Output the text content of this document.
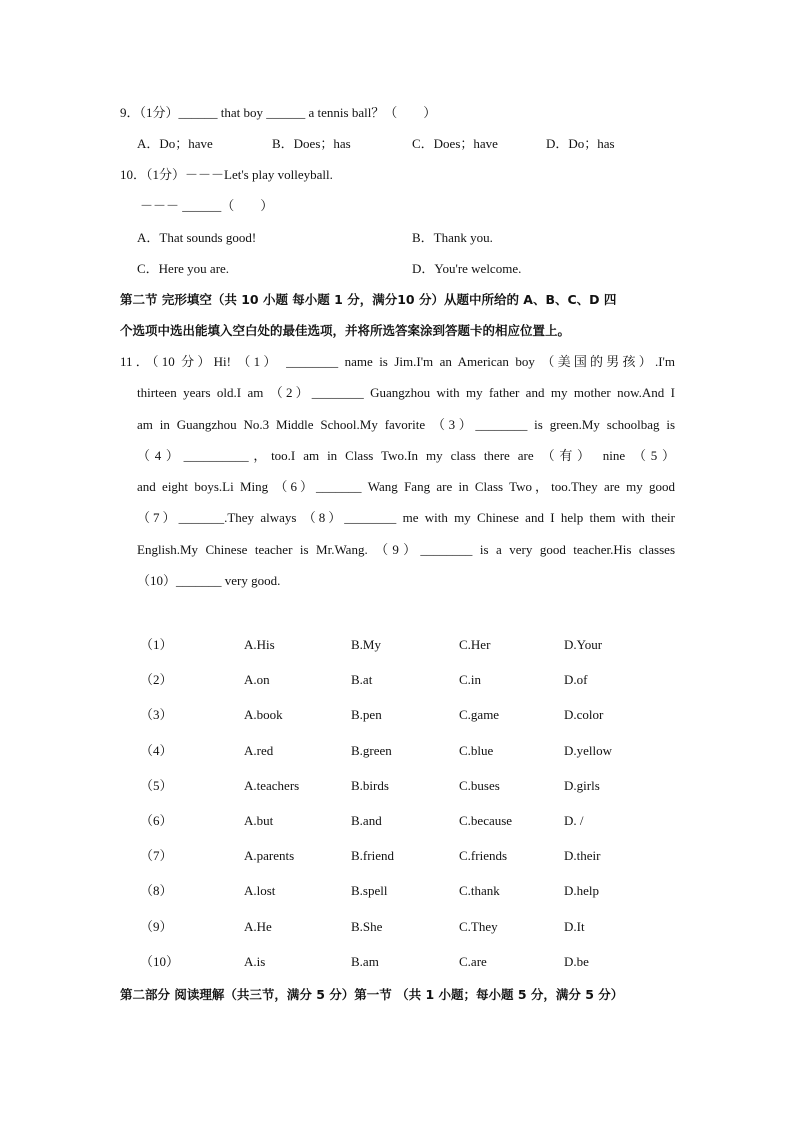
9．（1分）______ that boy ______ a tennis ball？（　　）
A．Do；have	B．Does；has	C．Does；have	D．Do；has
10．（1分）－－－Let's play volleyball.
－－－ ______（　　）
A．That sounds good!	B．Thank you.
C．Here you are.	D．You're welcome.
第二节 完形填空（共 10 小题 每小题 1 分，满分10 分）从题中所给的 A、B、C、D 四
个选项中选出能填入空白处的最佳选项，并将所选答案涂到答题卡的相应位置上。
11．（10 分）Hi! （1） ________ name is Jim.I'm an American boy （美国的男孩）.I'm
thirteen years old.I am （2）________ Guangzhou with my father and my mother now.And I
am in Guangzhou No.3 Middle School.My favorite （3）________ is green.My schoolbag is
（4）__________，too.I am in Class Two.In my class there are （有） nine （5）
and eight boys.Li Ming （6）_______ Wang Fang are in Class Two，too.They are my good
（7）_______.They always （8）________ me with my Chinese and I help them with their
English.My Chinese teacher is Mr.Wang. （9）________ is a very good teacher.His classes
（10）_______ very good.
（1）	A.His	B.My	C.Her	D.Your
（2）	A.on	B.at	C.in	D.of
（3）	A.book	B.pen	C.game	D.color
（4）	A.red	B.green	C.blue	D.yellow
（5）	A.teachers	B.birds	C.buses	D.girls
（6）	A.but	B.and	C.because	D. /
（7）	A.parents	B.friend	C.friends	D.their
（8）	A.lost	B.spell	C.thank	D.help
（9）	A.He	B.She	C.They	D.It
（10）	A.is	B.am	C.are	D.be
第二部分 阅读理解（共三节，满分 5 分）第一节 （共 1 小题；每小题 5 分，满分 5 分）
